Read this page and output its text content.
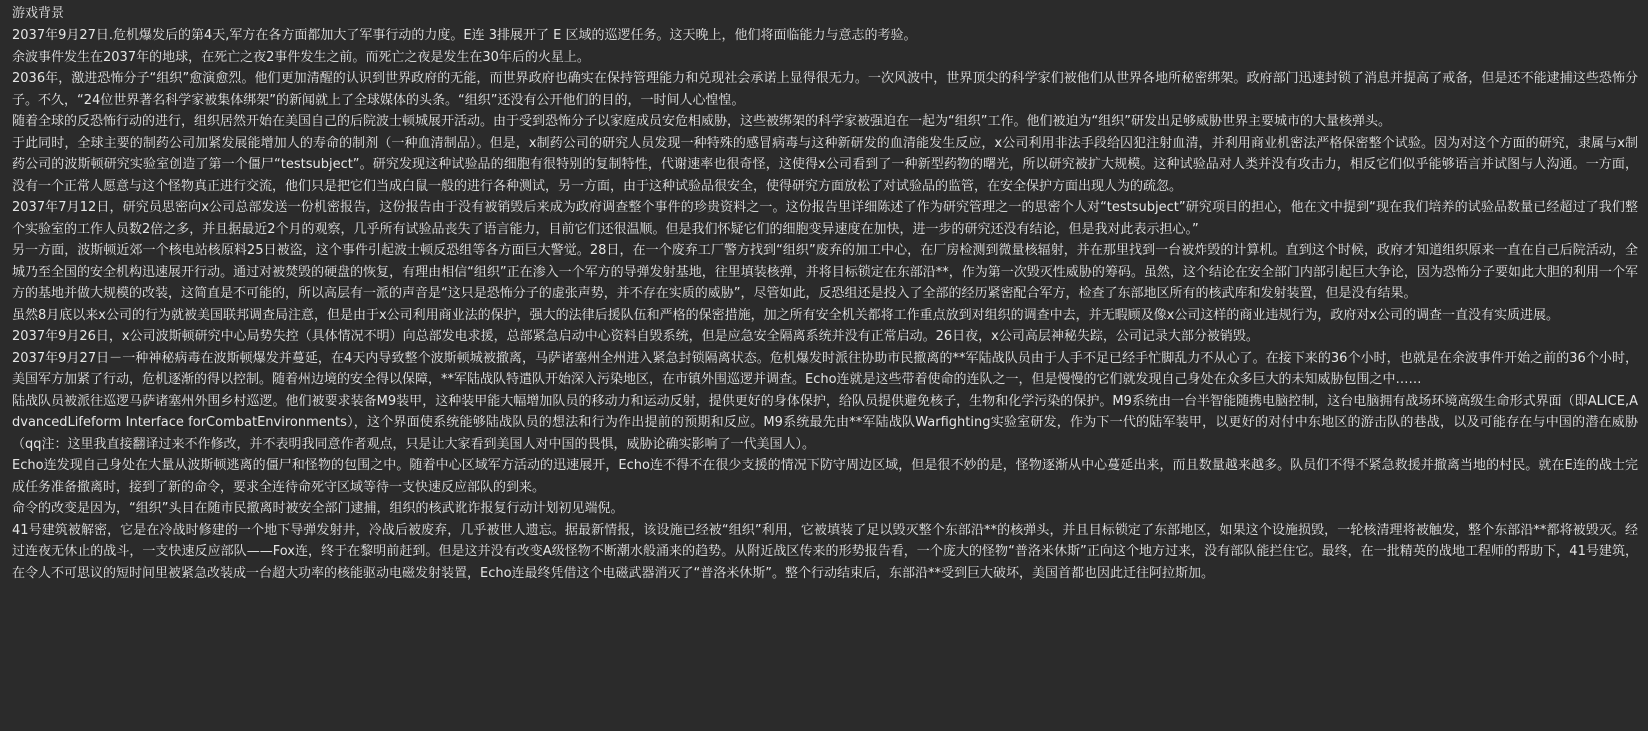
游戏背景

2037年9月27日.危机爆发后的第4天,军方在各方面都加大了军事行动的力度。E连 3排展开了 E 区域的巡逻任务。这天晚上，他们将面临能力与意志的考验。

余波事件发生在2037年的地球，在死亡之夜2事件发生之前。而死亡之夜是发生在30年后的火星上。

2036年，激进恐怖分子“组织”愈演愈烈。他们更加清醒的认识到世界政府的无能，而世界政府也确实在保持管理能力和兑现社会承诺上显得很无力。一次风波中，世界顶尖的科学家们被他们从世界各地所秘密绑架。政府部门迅速封锁了消息并提高了戒备，但是还不能逮捕这些恐怖分子。不久，“24位世界著名科学家被集体绑架”的新闻就上了全球媒体的头条。“组织”还没有公开他们的目的，一时间人心惶惶。

随着全球的反恐怖行动的进行，组织居然开始在美国自己的后院波士顿城展开活动。由于受到恐怖分子以家庭成员安危相威胁，这些被绑架的科学家被强迫在一起为“组织”工作。他们被迫为“组织”研发出足够威胁世界主要城市的大量核弹头。

于此同时，全球主要的制药公司加紧发展能增加人的寿命的制剂（一种血清制品）。但是，x制药公司的研究人员发现一种特殊的感冒病毒与这种新研发的血清能发生反应，x公司利用非法手段给囚犯注射血清，并利用商业机密法严格保密整个试验。因为对这个方面的研究，隶属与x制药公司的波斯顿研究实验室创造了第一个僵尸“testsubject”。研究发现这种试验品的细胞有很特别的复制特性，代谢速率也很奇怪，这使得x公司看到了一种新型药物的曙光，所以研究被扩大规模。这种试验品对人类并没有攻击力，相反它们似乎能够语言并试图与人沟通。一方面，没有一个正常人愿意与这个怪物真正进行交流，他们只是把它们当成白鼠一般的进行各种测试，另一方面，由于这种试验品很安全，使得研究方面放松了对试验品的监管，在安全保护方面出现人为的疏忽。

2037年7月12日，研究员思密向x公司总部发送一份机密报告，这份报告由于没有被销毁后来成为政府调查整个事件的珍贵资料之一。这份报告里详细陈述了作为研究管理之一的思密个人对“testsubject”研究项目的担心，他在文中提到“现在我们培养的试验品数量已经超过了我们整个实验室的工作人员数2倍之多，并且据最近2个月的观察，几乎所有试验品丧失了语言能力，目前它们还很温顺。但是我们怀疑它们的细胞变异速度在加快，进一步的研究还没有结论，但是我对此表示担心。”

另一方面，波斯顿近郊一个核电站核原料25日被盗，这个事件引起波士顿反恐组等各方面巨大警觉。28日，在一个废弃工厂警方找到“组织”废弃的加工中心，在厂房检测到微量核辐射，并在那里找到一台被炸毁的计算机。直到这个时候，政府才知道组织原来一直在自己后院活动，全城乃至全国的安全机构迅速展开行动。通过对被焚毁的硬盘的恢复，有理由相信“组织”正在渗入一个军方的导弹发射基地，往里填装核弹，并将目标锁定在东部沿**，作为第一次毁灭性威胁的筹码。虽然，这个结论在安全部门内部引起巨大争论，因为恐怖分子要如此大胆的利用一个军方的基地并做大规模的改装，这简直是不可能的，所以高层有一派的声音是“这只是恐怖分子的虚张声势，并不存在实质的威胁”，尽管如此，反恐组还是投入了全部的经历紧密配合军方，检查了东部地区所有的核武库和发射装置，但是没有结果。

虽然8月底以来x公司的行为就被美国联邦调查局注意，但是由于x公司利用商业法的保护，强大的法律后援队伍和严格的保密措施，加之所有安全机关都将工作重点放到对组织的调查中去，并无暇顾及像x公司这样的商业违规行为，政府对x公司的调查一直没有实质进展。

2037年9月26日，x公司波斯顿研究中心局势失控（具体情况不明）向总部发电求援，总部紧急启动中心资料自毁系统，但是应急安全隔离系统并没有正常启动。26日夜，x公司高层神秘失踪，公司记录大部分被销毁。

2037年9月27日－一种神秘病毒在波斯顿爆发并蔓延，在4天内导致整个波斯顿城被撤离，马萨诸塞州全州进入紧急封锁隔离状态。危机爆发时派往协助市民撤离的**军陆战队员由于人手不足已经手忙脚乱力不从心了。在接下来的36个小时，也就是在余波事件开始之前的36个小时，美国军方加紧了行动，危机逐渐的得以控制。随着州边境的安全得以保障，**军陆战队特遣队开始深入污染地区，在市镇外围巡逻并调查。Echo连就是这些带着使命的连队之一，但是慢慢的它们就发现自己身处在众多巨大的未知威胁包围之中……

陆战队员被派往巡逻马萨诸塞州外围乡村巡逻。他们被要求装备M9装甲，这种装甲能大幅增加队员的移动力和运动反射，提供更好的身体保护，给队员提供避免核子，生物和化学污染的保护。M9系统由一台半智能随携电脑控制，这台电脑拥有战场环境高级生命形式界面（即ALICE,AdvancedLifeform Interface forCombatEnvironments），这个界面使系统能够陆战队员的想法和行为作出提前的预期和反应。M9系统最先由**军陆战队Warfighting实验室研发，作为下一代的陆军装甲，以更好的对付中东地区的游击队的巷战，以及可能存在与中国的潜在威胁（qq注：这里我直接翻译过来不作修改，并不表明我同意作者观点，只是让大家看到美国人对中国的畏惧，威胁论确实影响了一代美国人）。

Echo连发现自己身处在大量从波斯顿逃离的僵尸和怪物的包围之中。随着中心区域军方活动的迅速展开，Echo连不得不在很少支援的情况下防守周边区域，但是很不妙的是，怪物逐渐从中心蔓延出来，而且数量越来越多。队员们不得不紧急救援并撤离当地的村民。就在E连的战士完成任务准备撤离时，接到了新的命令，要求全连待命死守区域等待一支快速反应部队的到来。

命令的改变是因为，“组织”头目在随市民撤离时被安全部门逮捕，组织的核武讹诈报复行动计划初见端倪。

41号建筑被解密，它是在冷战时修建的一个地下导弹发射井，冷战后被废弃，几乎被世人遗忘。据最新情报，该设施已经被“组织”利用，它被填装了足以毁灭整个东部沿**的核弹头，并且目标锁定了东部地区，如果这个设施损毁，一轮核清理将被触发，整个东部沿**都将被毁灭。经过连夜无休止的战斗，一支快速反应部队——Fox连，终于在黎明前赶到。但是这并没有改变A级怪物不断潮水般涌来的趋势。从附近战区传来的形势报告看，一个庞大的怪物“普洛米休斯”正向这个地方过来，没有部队能拦住它。最终，在一批精英的战地工程师的帮助下，41号建筑，在令人不可思议的短时间里被紧急改装成一台超大功率的核能驱动电磁发射装置，Echo连最终凭借这个电磁武器消灭了“普洛米休斯”。整个行动结束后，东部沿**受到巨大破坏，美国首都也因此迁往阿拉斯加。
